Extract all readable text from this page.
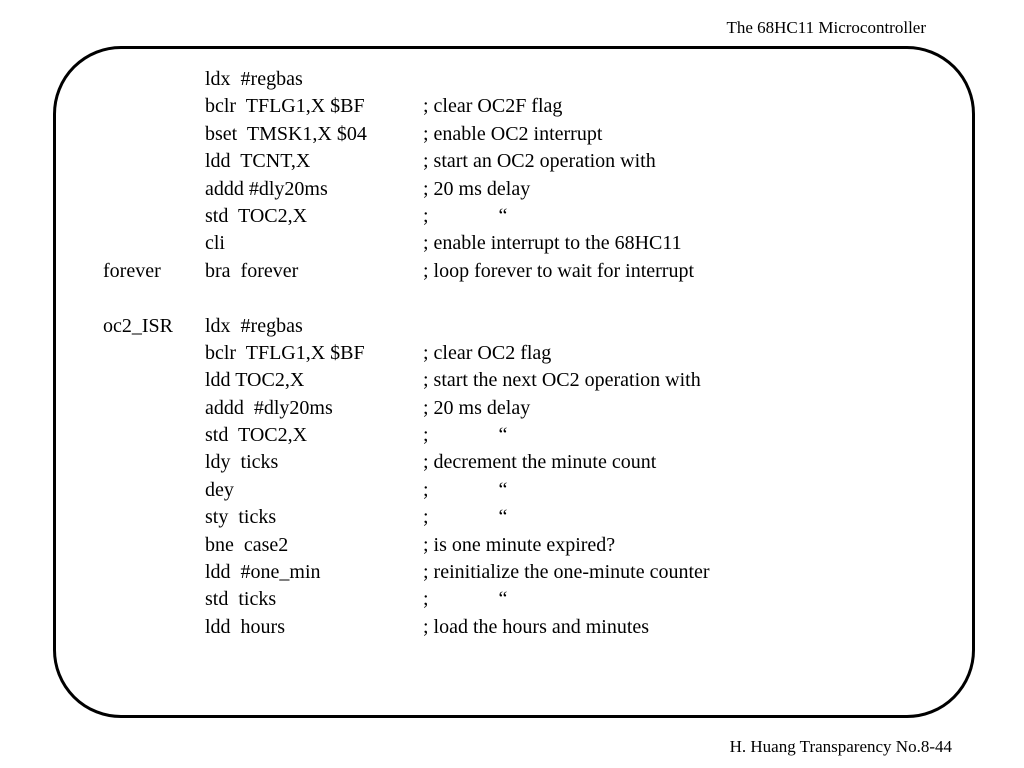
The 68HC11 Microcontroller
ldx  #regbas
bclr  TFLG1,X $BF	; clear OC2F flag
bset  TMSK1,X $04	; enable OC2 interrupt
ldd  TCNT,X	; start an OC2 operation with
addd #dly20ms	; 20 ms delay
std  TOC2,X	;              “
cli	; enable interrupt to the 68HC11
forever bra  forever	; loop forever to wait for interrupt
oc2_ISR ldx  #regbas
bclr  TFLG1,X $BF	; clear OC2 flag
ldd TOC2,X	; start the next OC2 operation with
addd  #dly20ms	; 20 ms delay
std  TOC2,X	;              “
ldy  ticks	; decrement the minute count
dey	;              “
sty  ticks	;              “
bne  case2	; is one minute expired?
ldd  #one_min	; reinitialize the one-minute counter
std  ticks	;              “
ldd  hours	; load the hours and minutes
H. Huang Transparency No.8-44
